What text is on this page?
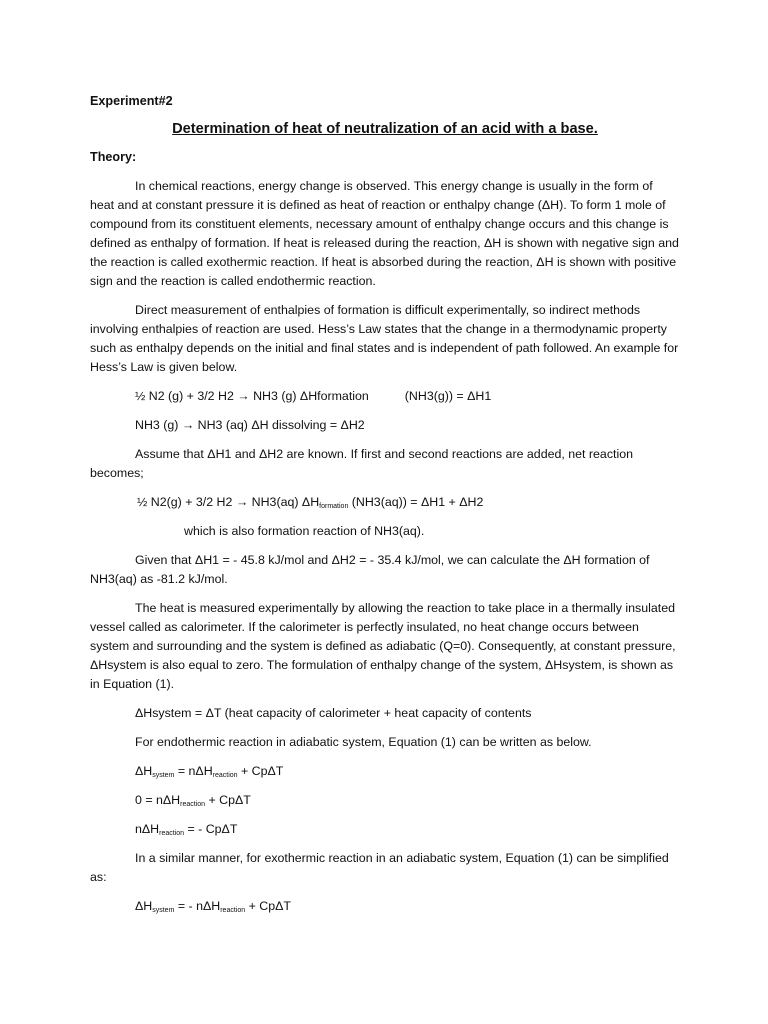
Experiment#2
Determination of heat of neutralization of an acid with a base.
Theory:

In chemical reactions, energy change is observed. This energy change is usually in the form of heat and at constant pressure it is defined as heat of reaction or enthalpy change (ΔH). To form 1 mole of compound from its constituent elements, necessary amount of enthalpy change occurs and this change is defined as enthalpy of formation. If heat is released during the reaction, ΔH is shown with negative sign and the reaction is called exothermic reaction. If heat is absorbed during the reaction, ΔH is shown with positive sign and the reaction is called endothermic reaction.

Direct measurement of enthalpies of formation is difficult experimentally, so indirect methods involving enthalpies of reaction are used. Hess’s Law states that the change in a thermodynamic property such as enthalpy depends on the initial and final states and is independent of path followed. An example for Hess’s Law is given below.

½ N2 (g) + 3/2 H2 → NH3 (g) ΔHformation	(NH3(g)) = ΔH1
NH3 (g) → NH3 (aq) ΔH dissolving = ΔH2

Assume that ΔH1 and ΔH2 are known. If first and second reactions are added, net reaction becomes;

½ N2(g) + 3/2 H2 → NH3(aq) $\Delta H_{formation}$ (NH3(aq)) = ΔH1 + ΔH2
which is also formation reaction of NH3(aq).

Given that ΔH1 = - 45.8 kJ/mol and ΔH2 = - 35.4 kJ/mol, we can calculate the ΔH formation of NH3(aq) as -81.2 kJ/mol.

The heat is measured experimentally by allowing the reaction to take place in a thermally insulated vessel called as calorimeter. If the calorimeter is perfectly insulated, no heat change occurs between system and surrounding and the system is defined as adiabatic (Q=0). Consequently, at constant pressure, ΔHsystem is also equal to zero. The formulation of enthalpy change of the system, ΔHsystem, is shown as in Equation (1).

ΔHsystem = ΔT (heat capacity of calorimeter + heat capacity of contents
For endothermic reaction in adiabatic system, Equation (1) can be written as below.
$\Delta H_{system} = n\Delta H_{reaction} + Cp\Delta T$
0 = nΔH$_{reaction}$ + CpΔT
nΔH$_{reaction}$ = - CpΔT

In a similar manner, for exothermic reaction in an adiabatic system, Equation (1) can be simplified as:

$\Delta H_{system}$ = - nΔH$_{reaction}$ + CpΔT
